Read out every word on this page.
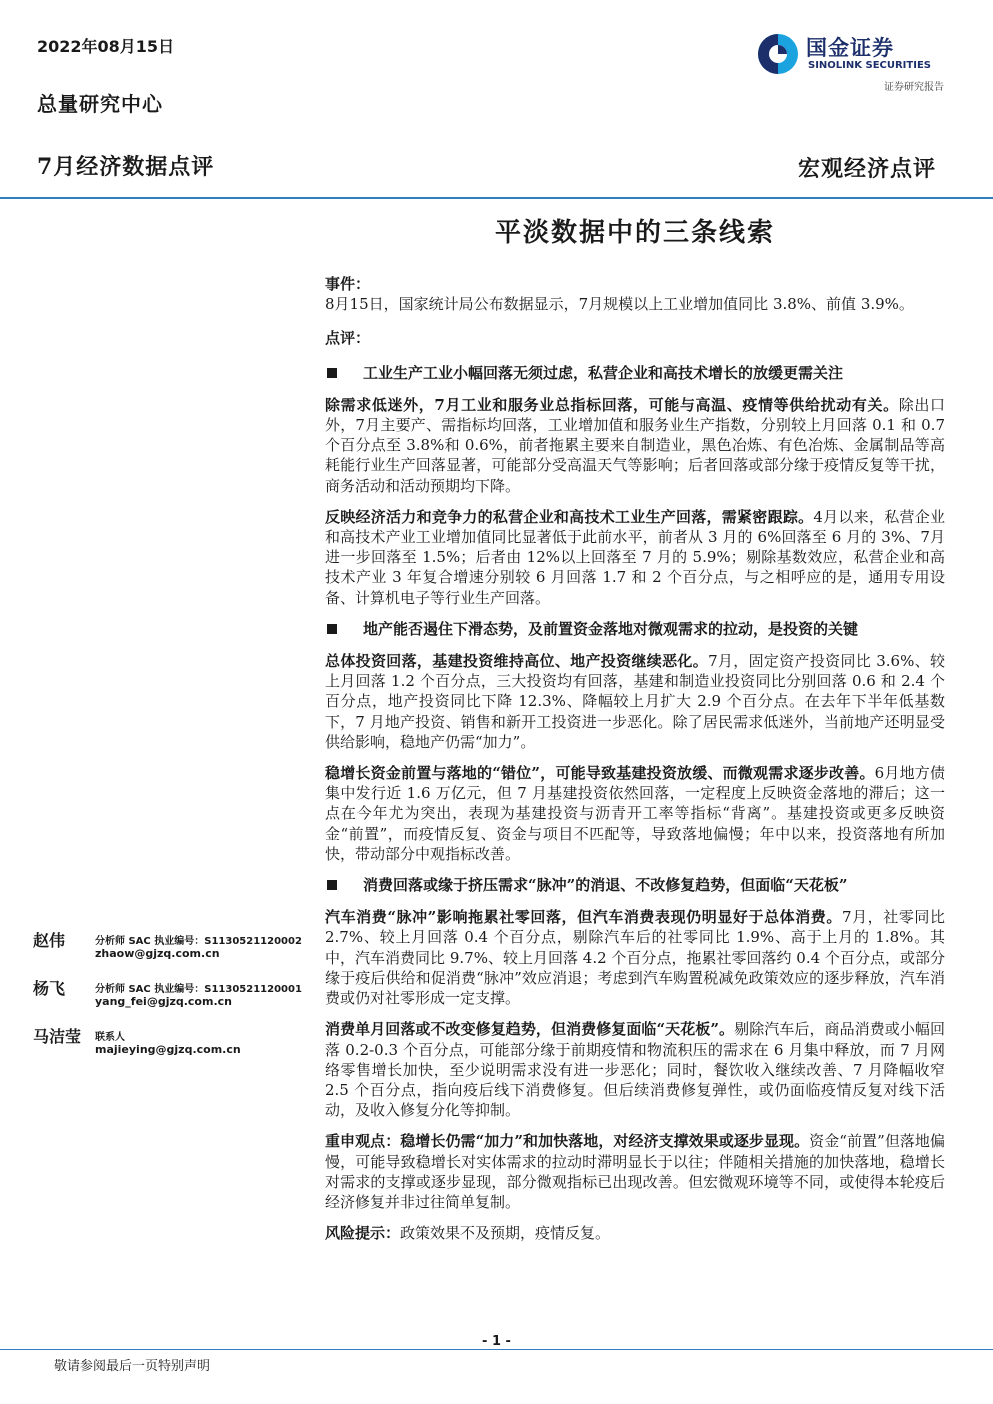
2022年08月15日
总量研究中心
7月经济数据点评	宏观经济点评
国金证券
SINOLINK SECURITIES
证券研究报告
平淡数据中的三条线索

事件：

8月15日，国家统计局公布数据显示，7月规模以上工业增加值同比 3.8%、前值 3.9%。

点评：

工业生产工业小幅回落无须过虑，私营企业和高技术增长的放缓更需关注

除需求低迷外，7月工业和服务业总指标回落，可能与高温、疫情等供给扰动有关。除出口外，7月主要产、需指标均回落，工业增加值和服务业生产指数，分别较上月回落 0.1 和 0.7 个百分点至 3.8%和 0.6%，前者拖累主要来自制造业，黑色冶炼、有色冶炼、金属制品等高耗能行业生产回落显著，可能部分受高温天气等影响；后者回落或部分缘于疫情反复等干扰，商务活动和活动预期均下降。

反映经济活力和竞争力的私营企业和高技术工业生产回落，需紧密跟踪。4月以来，私营企业和高技术产业工业增加值同比显著低于此前水平，前者从 3 月的 6%回落至 6 月的 3%、7月进一步回落至 1.5%；后者由 12%以上回落至 7 月的 5.9%；剔除基数效应，私营企业和高技术产业 3 年复合增速分别较 6 月回落 1.7 和 2 个百分点，与之相呼应的是，通用专用设备、计算机电子等行业生产回落。

地产能否遏住下滑态势，及前置资金落地对微观需求的拉动，是投资的关键

总体投资回落，基建投资维持高位、地产投资继续恶化。7月，固定资产投资同比 3.6%、较上月回落 1.2 个百分点，三大投资均有回落，基建和制造业投资同比分别回落 0.6 和 2.4 个百分点，地产投资同比下降 12.3%、降幅较上月扩大 2.9 个百分点。在去年下半年低基数下，7 月地产投资、销售和新开工投资进一步恶化。除了居民需求低迷外，当前地产还明显受供给影响，稳地产仍需“加力”。

稳增长资金前置与落地的“错位”，可能导致基建投资放缓、而微观需求逐步改善。6月地方债集中发行近 1.6 万亿元，但 7 月基建投资依然回落，一定程度上反映资金落地的滞后；这一点在今年尤为突出，表现为基建投资与沥青开工率等指标“背离”。基建投资或更多反映资金“前置”，而疫情反复、资金与项目不匹配等，导致落地偏慢；年中以来，投资落地有所加快，带动部分中观指标改善。

消费回落或缘于挤压需求“脉冲”的消退、不改修复趋势，但面临“天花板”

汽车消费“脉冲”影响拖累社零回落，但汽车消费表现仍明显好于总体消费。7月，社零同比 2.7%、较上月回落 0.4 个百分点，剔除汽车后的社零同比 1.9%、高于上月的 1.8%。其中，汽车消费同比 9.7%、较上月回落 4.2 个百分点，拖累社零回落约 0.4 个百分点，或部分缘于疫后供给和促消费“脉冲”效应消退；考虑到汽车购置税减免政策效应的逐步释放，汽车消费或仍对社零形成一定支撑。

消费单月回落或不改变修复趋势，但消费修复面临“天花板”。剔除汽车后，商品消费或小幅回落 0.2-0.3 个百分点，可能部分缘于前期疫情和物流积压的需求在 6 月集中释放，而 7 月网络零售增长加快，至少说明需求没有进一步恶化；同时，餐饮收入继续改善、7 月降幅收窄 2.5 个百分点，指向疫后线下消费修复。但后续消费修复弹性，或仍面临疫情反复对线下活动，及收入修复分化等抑制。

重申观点：稳增长仍需“加力”和加快落地，对经济支撑效果或逐步显现。资金“前置”但落地偏慢，可能导致稳增长对实体需求的拉动时滞明显长于以往；伴随相关措施的加快落地，稳增长对需求的支撑或逐步显现，部分微观指标已出现改善。但宏微观环境等不同，或使得本轮疫后经济修复并非过往简单复制。

风险提示：政策效果不及预期，疫情反复。

赵伟	分析师 SAC 执业编号：S1130521120002
zhaow@gjzq.com.cn
杨飞	分析师 SAC 执业编号：S1130521120001
yang_fei@gjzq.com.cn
马洁莹 联系人
majieying@gjzq.com.cn
- 1 -
敬请参阅最后一页特别声明
